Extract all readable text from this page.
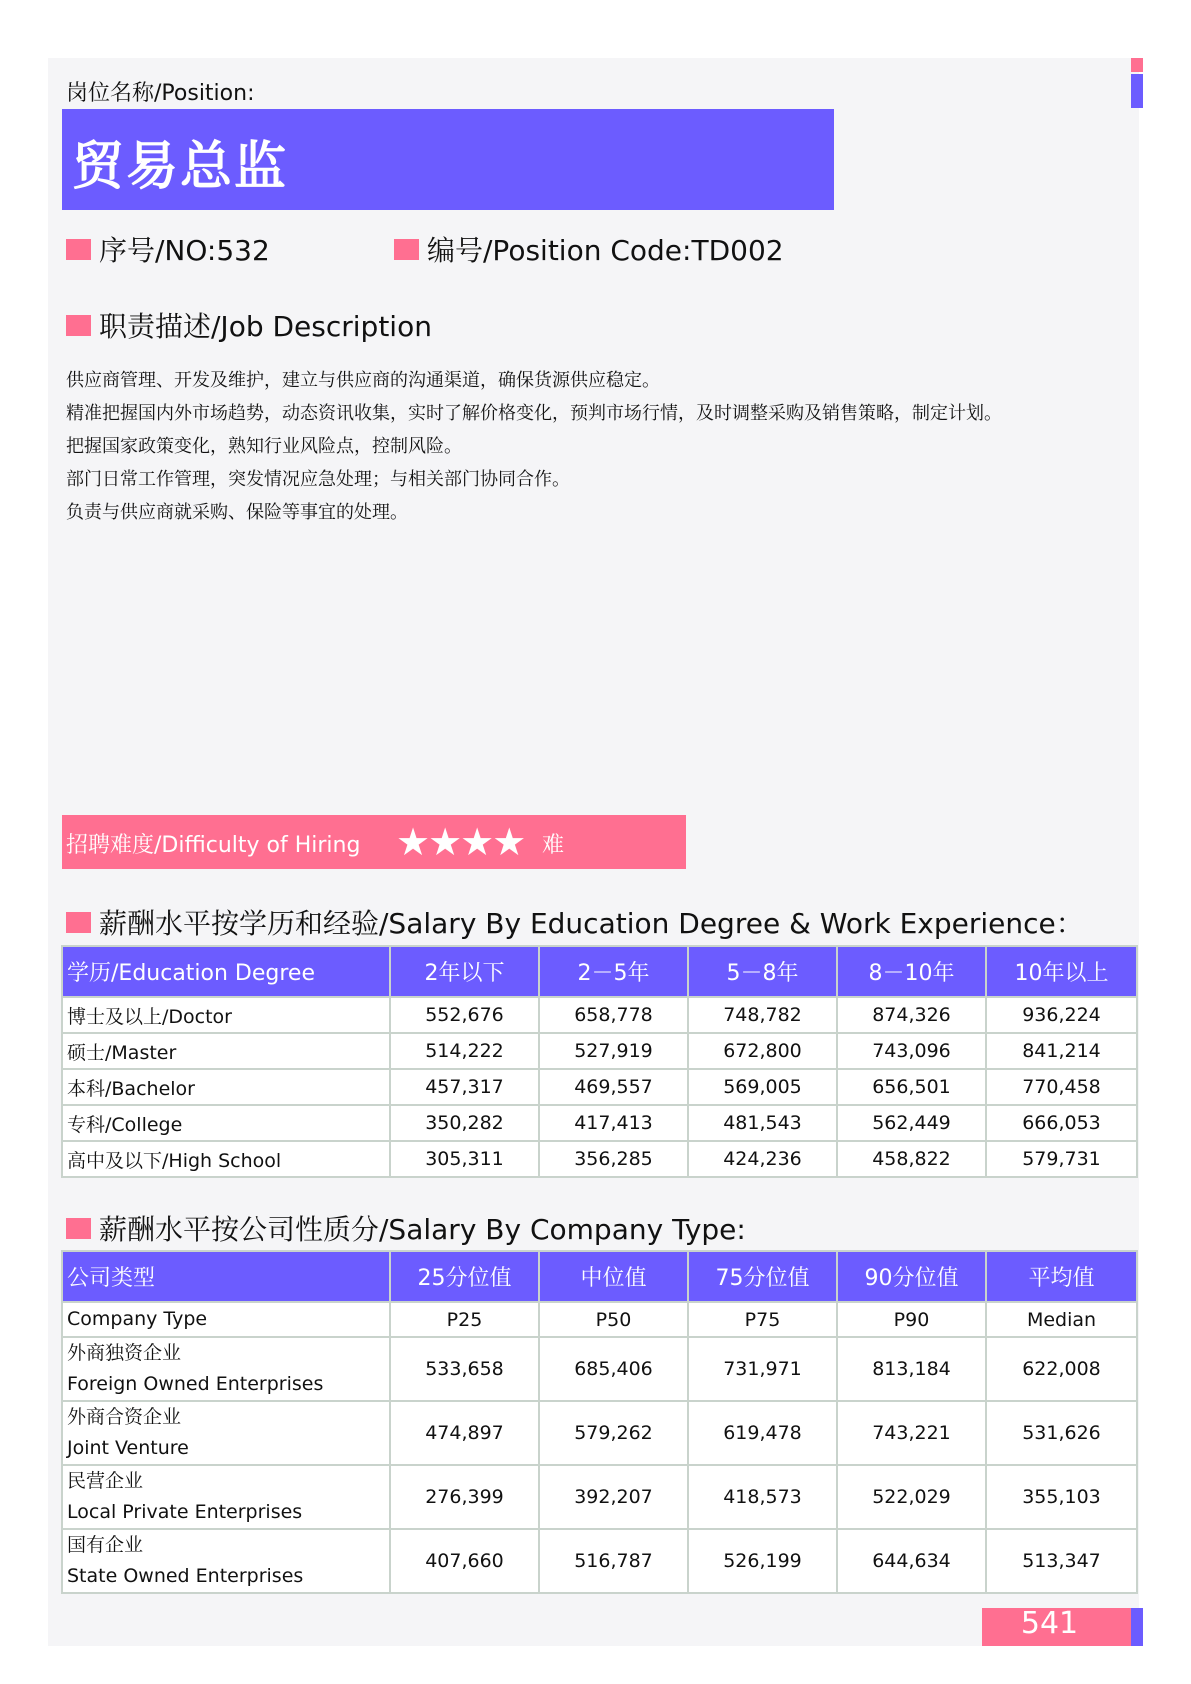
岗位名称/Position:
贸易总监
序号/NO:532	编号/Position Code:TD002
职责描述/Job Description
供应商管理、开发及维护，建立与供应商的沟通渠道，确保货源供应稳定。
精准把握国内外市场趋势，动态资讯收集，实时了解价格变化，预判市场行情，及时调整采购及销售策略，制定计划。
把握国家政策变化，熟知行业风险点，控制风险。
部门日常工作管理，突发情况应急处理；与相关部门协同合作。
负责与供应商就采购、保险等事宜的处理。
招聘难度/Difficulty of Hiring ★★★★ 难
薪酬水平按学历和经验/Salary By Education Degree & Work Experience：
学历/Education Degree	2年以下	2－5年	5－8年	8－10年	10年以上
博士及以上/Doctor	552,676	658,778	748,782	874,326	936,224
硕士/Master	514,222	527,919	672,800	743,096	841,214
本科/Bachelor	457,317	469,557	569,005	656,501	770,458
专科/College	350,282	417,413	481,543	562,449	666,053
高中及以下/High School	305,311	356,285	424,236	458,822	579,731
薪酬水平按公司性质分/Salary By Company Type:
公司类型	25分位值	中位值	75分位值	90分位值	平均值
Company Type	P25	P50	P75	P90	Median

外商独资企业
Foreign Owned Enterprises	533,658	685,406	731,971	813,184	622,008

外商合资企业
Joint Venture	474,897	579,262	619,478	743,221	531,626

民营企业
Local Private Enterprises	276,399	392,207	418,573	522,029	355,103

国有企业
State Owned Enterprises	407,660	516,787	526,199	644,634	513,347
541
